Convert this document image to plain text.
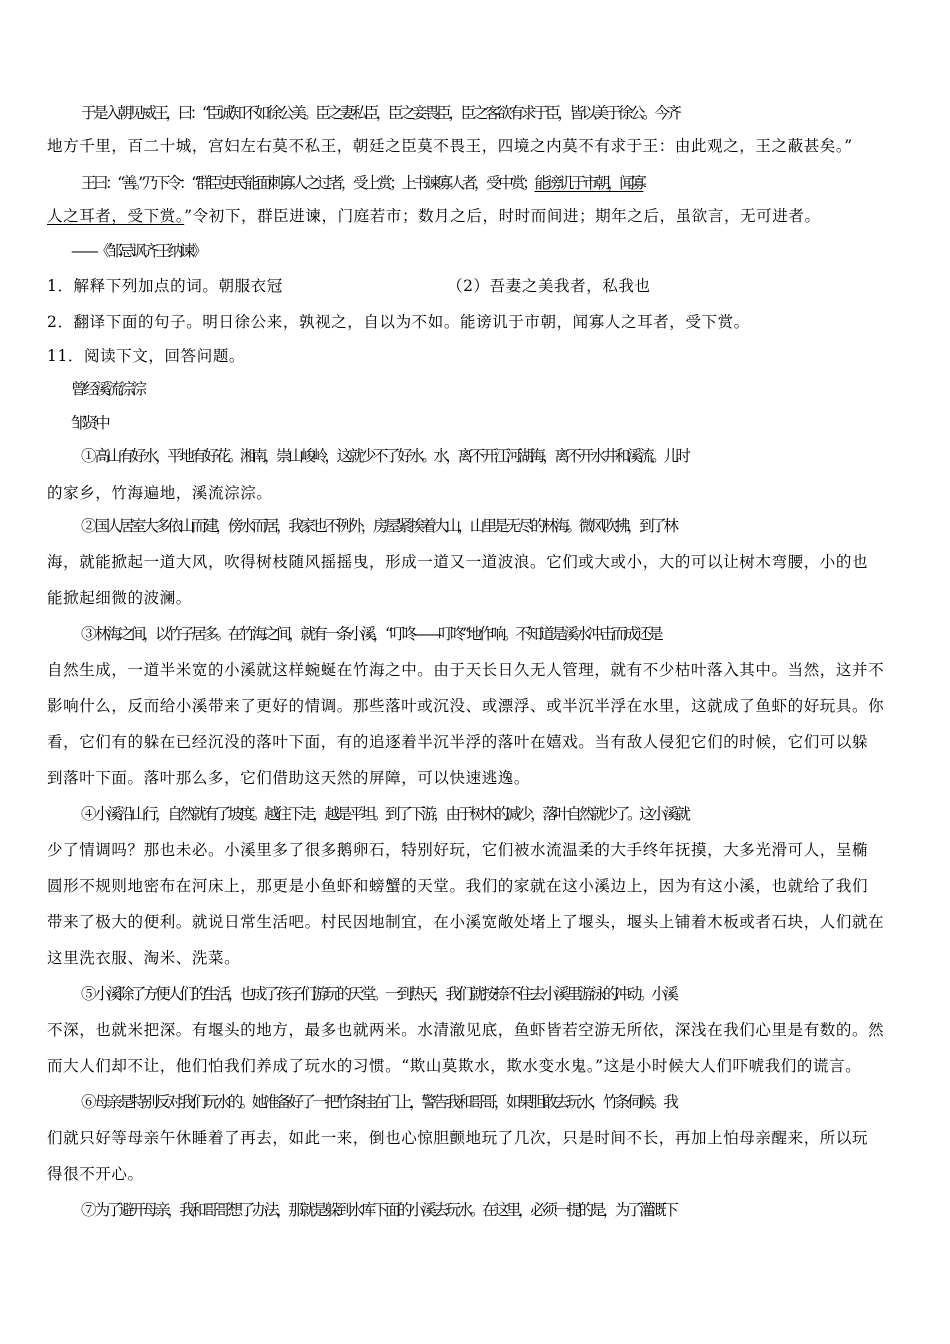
于是入朝见威王，曰：“臣诚知不如徐公美。臣之妻私臣，臣之妾畏臣，臣之客欲有求于臣，皆以美于徐公。今齐
地方千里，百二十城，宫妇左右莫不私王，朝廷之臣莫不畏王，四境之内莫不有求于王：由此观之，王之蔽甚矣。”
王曰：“善。”乃下令：“群臣吏民能面刺寡人之过者，受上赏；上书谏寡人者，受中赏；能谤讥于市朝，闻寡
人之耳者，受下赏。”令初下，群臣进谏，门庭若市；数月之后，时时而间进；期年之后，虽欲言，无可进者。
——《邹忌讽齐王纳谏》
1．解释下列加点的词。朝服衣冠	（2）吾妻之美我者，私我也
2．翻译下面的句子。明日徐公来，孰视之，自以为不如。能谤讥于市朝，闻寡人之耳者，受下赏。
11．阅读下文，回答问题。
曾经溪流淙淙
邹贤中
① 高山有好水，平地有好花。湘南，崇山峻岭，这就少不了好水。水，离不开江河湖海，离不开水井和溪流。儿时
的家乡，竹海遍地，溪流淙淙。
② 国人居室大多依山而建，傍水而居，我家也不例外，房屋紧挨着大山，山里是无尽的林海。微风吹拂，到了林
海，就能掀起一道大风，吹得树枝随风摇摇曳，形成一道又一道波浪。它们或大或小，大的可以让树木弯腰，小的也
能掀起细微的波澜。
③ 林海之间，以竹子居多。在竹海之间，就有一条小溪，“叮咚——叮咚”地作响。不知道是溪水冲击而成还是
自然生成，一道半米宽的小溪就这样蜿蜒在竹海之中。由于天长日久无人管理，就有不少枯叶落入其中。当然，这并不
影响什么，反而给小溪带来了更好的情调。那些落叶或沉没、或漂浮、或半沉半浮在水里，这就成了鱼虾的好玩具。你
看，它们有的躲在已经沉没的落叶下面，有的追逐着半沉半浮的落叶在嬉戏。当有敌人侵犯它们的时候，它们可以躲
到落叶下面。落叶那么多，它们借助这天然的屏障，可以快速逃逸。
④ 小溪沿山行，自然就有了坡度。越往下走，越是平坦。到了下游，由于树木的减少，落叶自然就少了。这小溪就
少了情调吗？那也未必。小溪里多了很多鹅卵石，特别好玩，它们被水流温柔的大手终年抚摸，大多光滑可人，呈椭
圆形不规则地密布在河床上，那更是小鱼虾和螃蟹的天堂。我们的家就在这小溪边上，因为有这小溪，也就给了我们
带来了极大的便利。就说日常生活吧。村民因地制宜，在小溪宽敞处堵上了堰头，堰头上铺着木板或者石块，人们就在
这里洗衣服、淘米、洗菜。
⑤ 小溪除了方便人们的生活，也成了孩子们游玩的天堂。一到热天，我们就按捺不住去小溪里游泳的冲动。小溪
不深，也就米把深。有堰头的地方，最多也就两米。水清澈见底，鱼虾皆若空游无所依，深浅在我们心里是有数的。然
而大人们却不让，他们怕我们养成了玩水的习惯。“欺山莫欺水，欺水变水鬼。”这是小时候大人们吓唬我们的谎言。
⑥ 母亲是特别反对我们玩水的。她准备好了一把竹条挂在门上，警告我和哥哥，如果胆敢去玩水，竹条伺候。我
们就只好等母亲午休睡着了再去，如此一来，倒也心惊胆颤地玩了几次，只是时间不长，再加上怕母亲醒来，所以玩
得很不开心。
⑦ 为了避开母亲，我和哥哥想了办法，那就是躲到水库下面的小溪去玩水。在这里，必须一提的是，为了灌溉下
